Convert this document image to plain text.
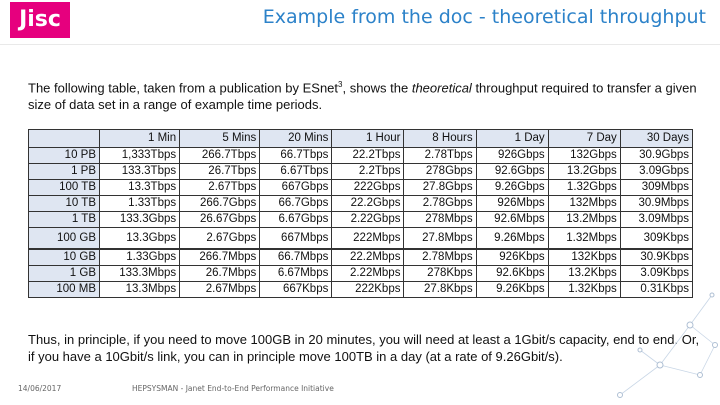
Jisc	Example from the doc - theoretical throughput
The following table, taken from a publication by ESnet$^3$, shows the theoretical throughput required to transfer a given size of data set in a range of example time periods.
	1 Min	5 Mins	20 Mins	1 Hour	8 Hours	1 Day	7 Day	30 Days
10 PB	1,333Tbps	266.7Tbps	66.7Tbps	22.2Tbps	2.78Tbps	926Gbps	132Gbps	30.9Gbps
1 PB	133.3Tbps	26.7Tbps	6.67Tbps	2.2Tbps	278Gbps	92.6Gbps	13.2Gbps	3.09Gbps
100 TB	13.3Tbps	2.67Tbps	667Gbps	222Gbps	27.8Gbps	9.26Gbps	1.32Gbps	309Mbps
10 TB	1.33Tbps	266.7Gbps	66.7Gbps	22.2Gbps	2.78Gbps	926Mbps	132Mbps	30.9Mbps
1 TB	133.3Gbps	26.67Gbps	6.67Gbps	2.22Gbps	278Mbps	92.6Mbps	13.2Mbps	3.09Mbps
100 GB	13.3Gbps	2.67Gbps	667Mbps	222Mbps	27.8Mbps	9.26Mbps	1.32Mbps	309Kbps
10 GB	1.33Gbps	266.7Mbps	66.7Mbps	22.2Mbps	2.78Mbps	926Kbps	132Kbps	30.9Kbps
1 GB	133.3Mbps	26.7Mbps	6.67Mbps	2.22Mbps	278Kbps	92.6Kbps	13.2Kbps	3.09Kbps
100 MB	13.3Mbps	2.67Mbps	667Kbps	222Kbps	27.8Kbps	9.26Kbps	1.32Kbps	0.31Kbps
Thus, in principle, if you need to move 100GB in 20 minutes, you will need at least a 1Gbit/s capacity, end to end. Or, if you have a 10Gbit/s link, you can in principle move 100TB in a day (at a rate of 9.26Gbit/s).
14/06/2017	HEPSYSMAN - Janet End-to-End Performance Initiative
